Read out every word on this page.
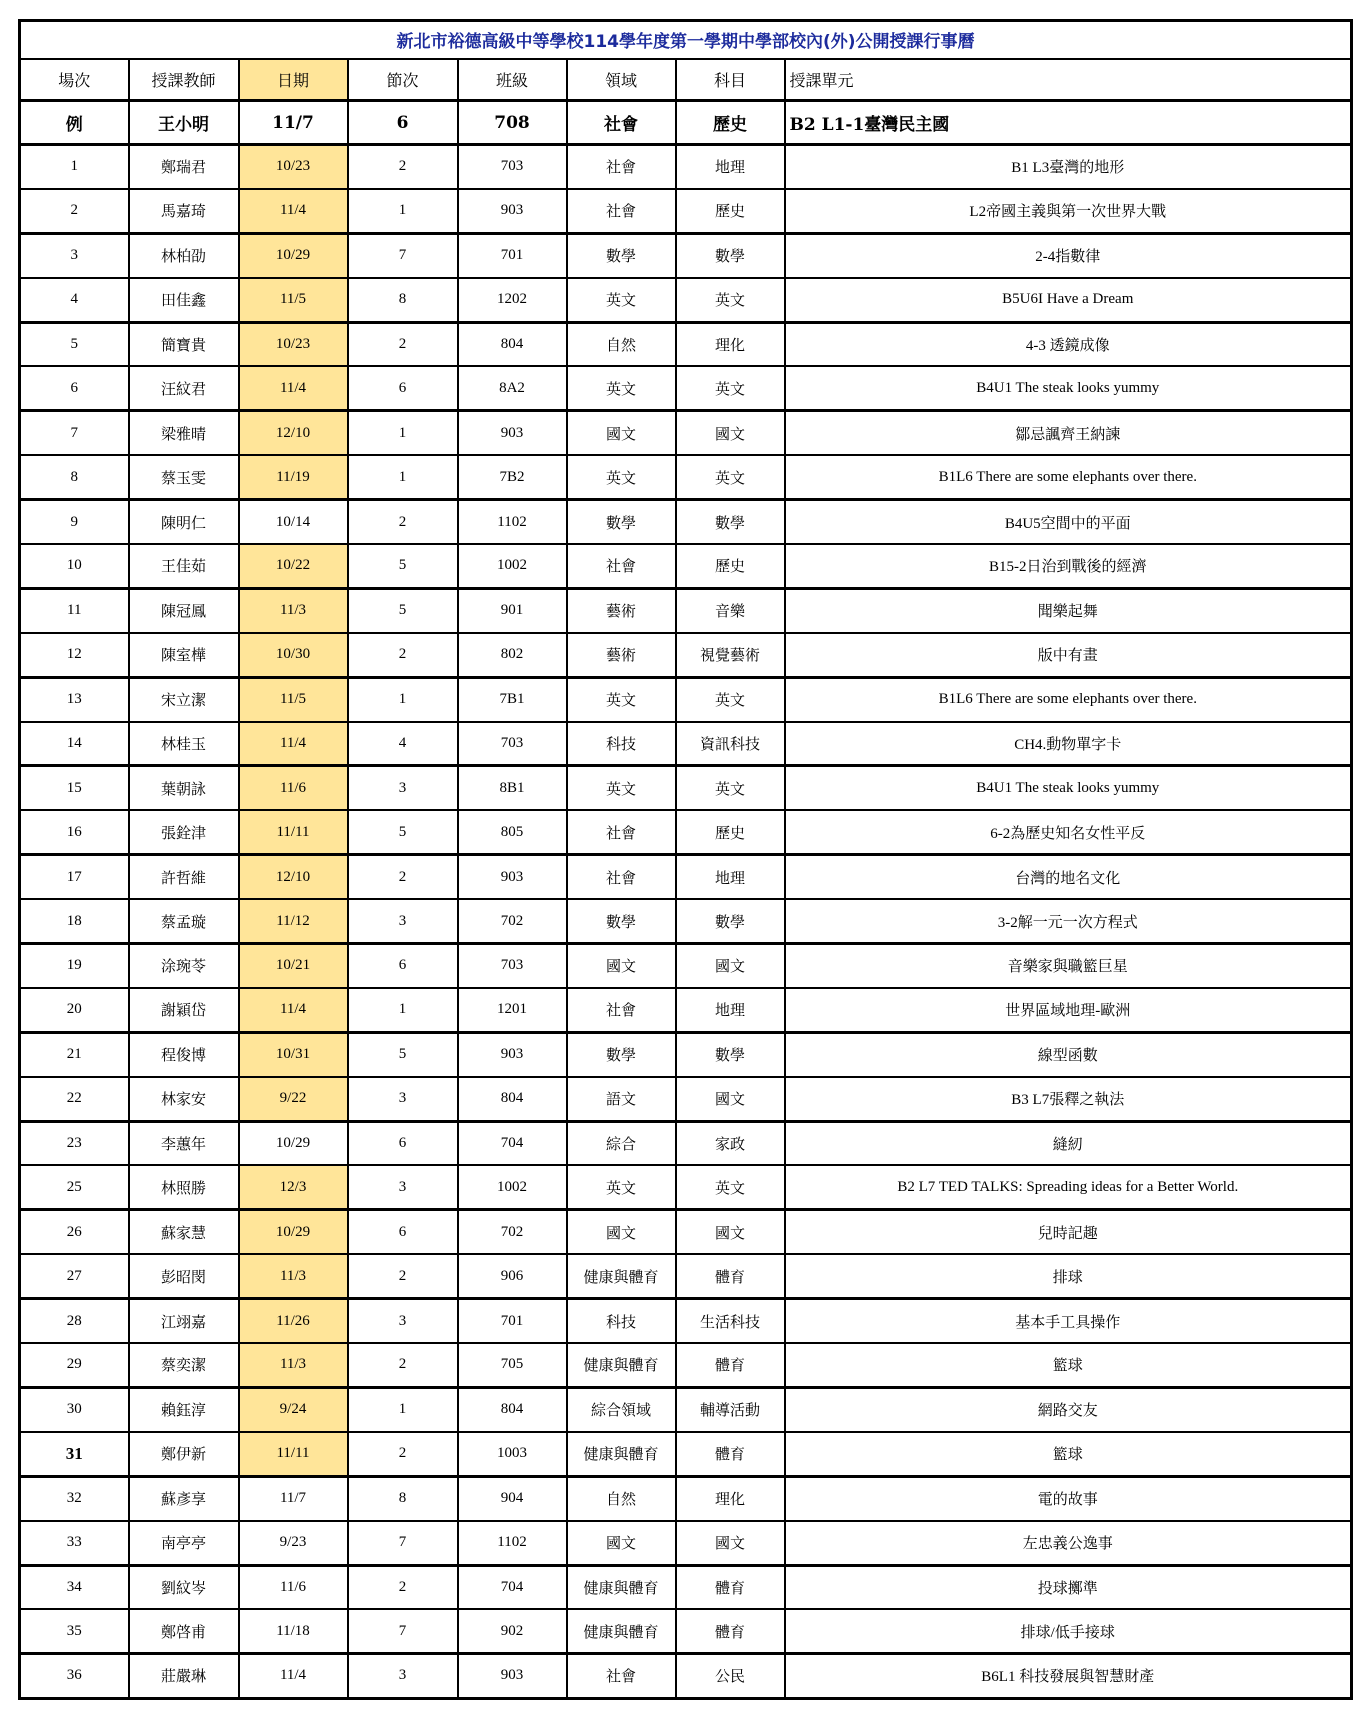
新北市裕德高級中等學校114學年度第一學期中學部校內(外)公開授課行事曆							
場次	授課教師	日期	節次	班級	領域	科目	授課單元
例	王小明	11/7	6	708	社會	歷史	B2 L1-1臺灣民主國
1	鄭瑞君	10/23	2	703	社會	地理	B1 L3臺灣的地形
2	馬嘉琦	11/4	1	903	社會	歷史	L2帝國主義與第一次世界大戰
3	林柏劭	10/29	7	701	數學	數學	2-4指數律
4	田佳鑫	11/5	8	1202	英文	英文	B5U6I Have a Dream
5	簡寶貴	10/23	2	804	自然	理化	4-3 透鏡成像
6	汪紋君	11/4	6	8A2	英文	英文	B4U1 The steak looks yummy
7	梁雅晴	12/10	1	903	國文	國文	鄒忌諷齊王納諫
8	蔡玉雯	11/19	1	7B2	英文	英文	B1L6 There are some elephants over there.
9	陳明仁	10/14	2	1102	數學	數學	B4U5空間中的平面
10	王佳茹	10/22	5	1002	社會	歷史	B15-2日治到戰後的經濟
11	陳冠鳳	11/3	5	901	藝術	音樂	聞樂起舞
12	陳室樺	10/30	2	802	藝術	視覺藝術	版中有畫
13	宋立潔	11/5	1	7B1	英文	英文	B1L6 There are some elephants over there.
14	林桂玉	11/4	4	703	科技	資訊科技	CH4.動物單字卡
15	葉朝詠	11/6	3	8B1	英文	英文	B4U1 The steak looks yummy
16	張銓津	11/11	5	805	社會	歷史	6-2為歷史知名女性平反
17	許哲維	12/10	2	903	社會	地理	台灣的地名文化
18	蔡孟璇	11/12	3	702	數學	數學	3-2解一元一次方程式
19	涂琬苓	10/21	6	703	國文	國文	音樂家與職籃巨星
20	謝穎岱	11/4	1	1201	社會	地理	世界區域地理-歐洲
21	程俊博	10/31	5	903	數學	數學	線型函數
22	林家安	9/22	3	804	語文	國文	B3 L7張釋之執法
23	李蕙年	10/29	6	704	綜合	家政	縫紉
25	林照勝	12/3	3	1002	英文	英文	B2 L7 TED TALKS: Spreading ideas for a Better World.
26	蘇家慧	10/29	6	702	國文	國文	兒時記趣
27	彭昭閔	11/3	2	906	健康與體育	體育	排球
28	江翊嘉	11/26	3	701	科技	生活科技	基本手工具操作
29	蔡奕潔	11/3	2	705	健康與體育	體育	籃球
30	賴鈺淳	9/24	1	804	綜合領域	輔導活動	網路交友
31	鄭伊新	11/11	2	1003	健康與體育	體育	籃球
32	蘇彥享	11/7	8	904	自然	理化	電的故事
33	南亭亭	9/23	7	1102	國文	國文	左忠義公逸事
34	劉紋岑	11/6	2	704	健康與體育	體育	投球擲準
35	鄭啓甫	11/18	7	902	健康與體育	體育	排球/低手接球
36	莊嚴琳	11/4	3	903	社會	公民	B6L1 科技發展與智慧財產
